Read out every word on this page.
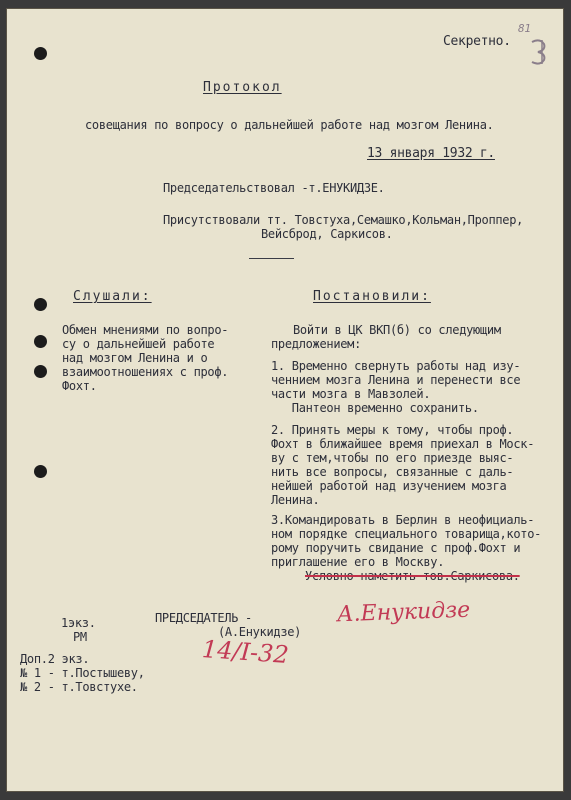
Секретно.
81
Протокол
совещания по вопросу о дальнейшей работе над мозгом Ленина.
13 января 1932 г.
Председательствовал -т.ЕНУКИДЗЕ.
Присутствовали тт. Товстуха,Семашко,Кольман,Проппер,
Вейсброд, Саркисов.
Слушали:	Постановили:
Обмен мнениями по вопро-
су о дальнейшей работе
над мозгом Ленина и о
взаимоотношениях с проф.
Фохт.
Войти в ЦК ВКП(б) со следующим
предложением:
1. Временно свернуть работы над изу-
ченнием мозга Ленина и перенести все
части мозга в Мавзолей.
Пантеон временно сохранить.
2. Принять меры к тому, чтобы проф.
Фохт в ближайшее время приехал в Моск-
ву с тем,чтобы по его приезде выяс-
нить все вопросы, связанные с даль-
нейшей работой над изучением мозга
Ленина.
3.Командировать в Берлин в неофициаль-
ном порядке специального товарища,кото-
рому поручить свидание с проф.Фохт и
приглашение его в Москву.
Условно наметить тов.Саркисова.
ПРЕДСЕДАТЕЛЬ -
(А.Енукидзе)
А.Енукидзе
1экз.
РМ
Доп.2 экз.
№ 1 - т.Постышеву,
№ 2 - т.Товстухе.
14/I-32
